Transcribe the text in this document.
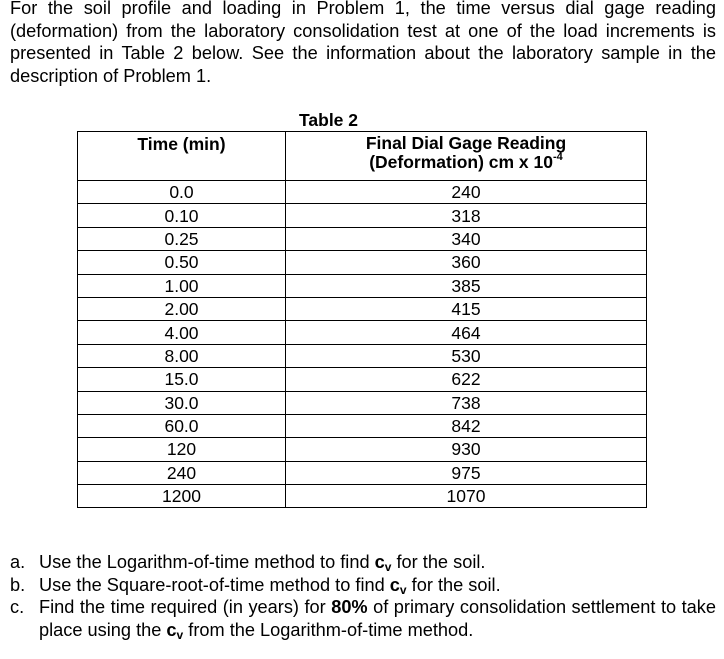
For the soil profile and loading in Problem 1, the time versus dial gage reading (deformation) from the laboratory consolidation test at one of the load increments is presented in Table 2 below. See the information about the laboratory sample in the description of Problem 1.

Table 2

Time (min)	Final Dial Gage Reading
(Deformation) cm x $10^{-4}$
0.0	240
0.10	318
0.25	340
0.50	360
1.00	385
2.00	415
4.00	464
8.00	530
15.0	622
30.0	738
60.0	842
120	930
240	975
1200	1070
a. Use the Logarithm-of-time method to find $c_v$ for the soil.
b. Use the Square-root-of-time method to find $c_v$ for the soil.
c. Find the time required (in years) for 80% of primary consolidation settlement to take place using the $c_v$ from the Logarithm-of-time method.
